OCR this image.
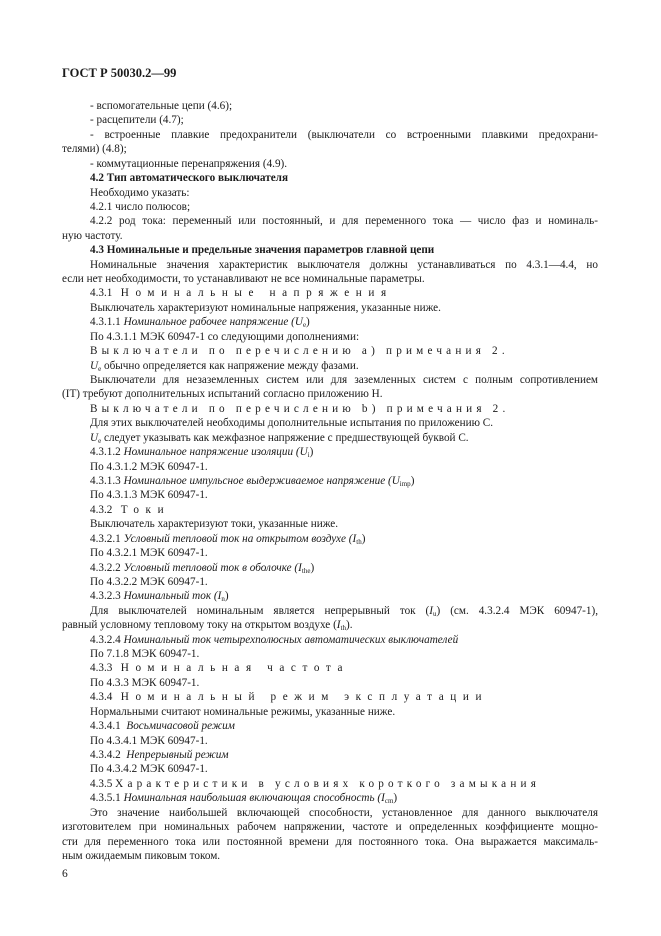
ГОСТ Р 50030.2—99

- вспомогательные цепи (4.6);

- расцепители (4.7);

- встроенные плавкие предохранители (выключатели со встроенными плавкими предохрани-

телями) (4.8);

- коммутационные перенапряжения (4.9).

4.2 Тип автоматического выключателя

Необходимо указать:

4.2.1 число полюсов;

4.2.2 род тока: переменный или постоянный, и для переменного тока — число фаз и номиналь-

ную частоту.

4.3 Номинальные и предельные значения параметров главной цепи

Номинальные значения характеристик выключателя должны устанавливаться по 4.3.1—4.4, но

если нет необходимости, то устанавливают не все номинальные параметры.

4.3.1 Номинальные напряжения

Выключатель характеризуют номинальные напряжения, указанные ниже.

4.3.1.1 Номинальное рабочее напряжение $(U_e)$

По 4.3.1.1 МЭК 60947-1 со следующими дополнениями:

Выключатели по перечислению а) примечания 2.

$U_e$ обычно определяется как напряжение между фазами.

Выключатели для незаземленных систем или для заземленных систем с полным сопротивлением

(IT) требуют дополнительных испытаний согласно приложению Н.

Выключатели по перечислению b) примечания 2.

Для этих выключателей необходимы дополнительные испытания по приложению С.

$U_e$ следует указывать как межфазное напряжение с предшествующей буквой С.

4.3.1.2 Номинальное напряжение изоляции $(U_i)$

По 4.3.1.2 МЭК 60947-1.

4.3.1.3 Номинальное импульсное выдерживаемое напряжение $(U_{imp})$

По 4.3.1.3 МЭК 60947-1.

4.3.2 Токи

Выключатель характеризуют токи, указанные ниже.

4.3.2.1 Условный тепловой ток на открытом воздухе $(I_{th})$

По 4.3.2.1 МЭК 60947-1.

4.3.2.2 Условный тепловой ток в оболочке $(I_{the})$

По 4.3.2.2 МЭК 60947-1.

4.3.2.3 Номинальный ток $(I_n)$

Для выключателей номинальным является непрерывный ток $(I_u)$ (см. 4.3.2.4 МЭК 60947-1),

равный условному тепловому току на открытом воздухе $(I_{th})$.

4.3.2.4 Номинальный ток четырехполюсных автоматических выключателей

По 7.1.8 МЭК 60947-1.

4.3.3 Номинальная частота

По 4.3.3 МЭК 60947-1.

4.3.4 Номинальный режим эксплуатации

Нормальными считают номинальные режимы, указанные ниже.

4.3.4.1 Восьмичасовой режим

По 4.3.4.1 МЭК 60947-1.

4.3.4.2 Непрерывный режим

По 4.3.4.2 МЭК 60947-1.

4.3.5 Характеристики в условиях короткого замыкания

4.3.5.1 Номинальная наибольшая включающая способность $(I_{cm})$

Это значение наибольшей включающей способности, установленное для данного выключателя

изготовителем при номинальных рабочем напряжении, частоте и определенных коэффициенте мощно-

сти для переменного тока или постоянной времени для постоянного тока. Она выражается максималь-

ным ожидаемым пиковым током.

6
